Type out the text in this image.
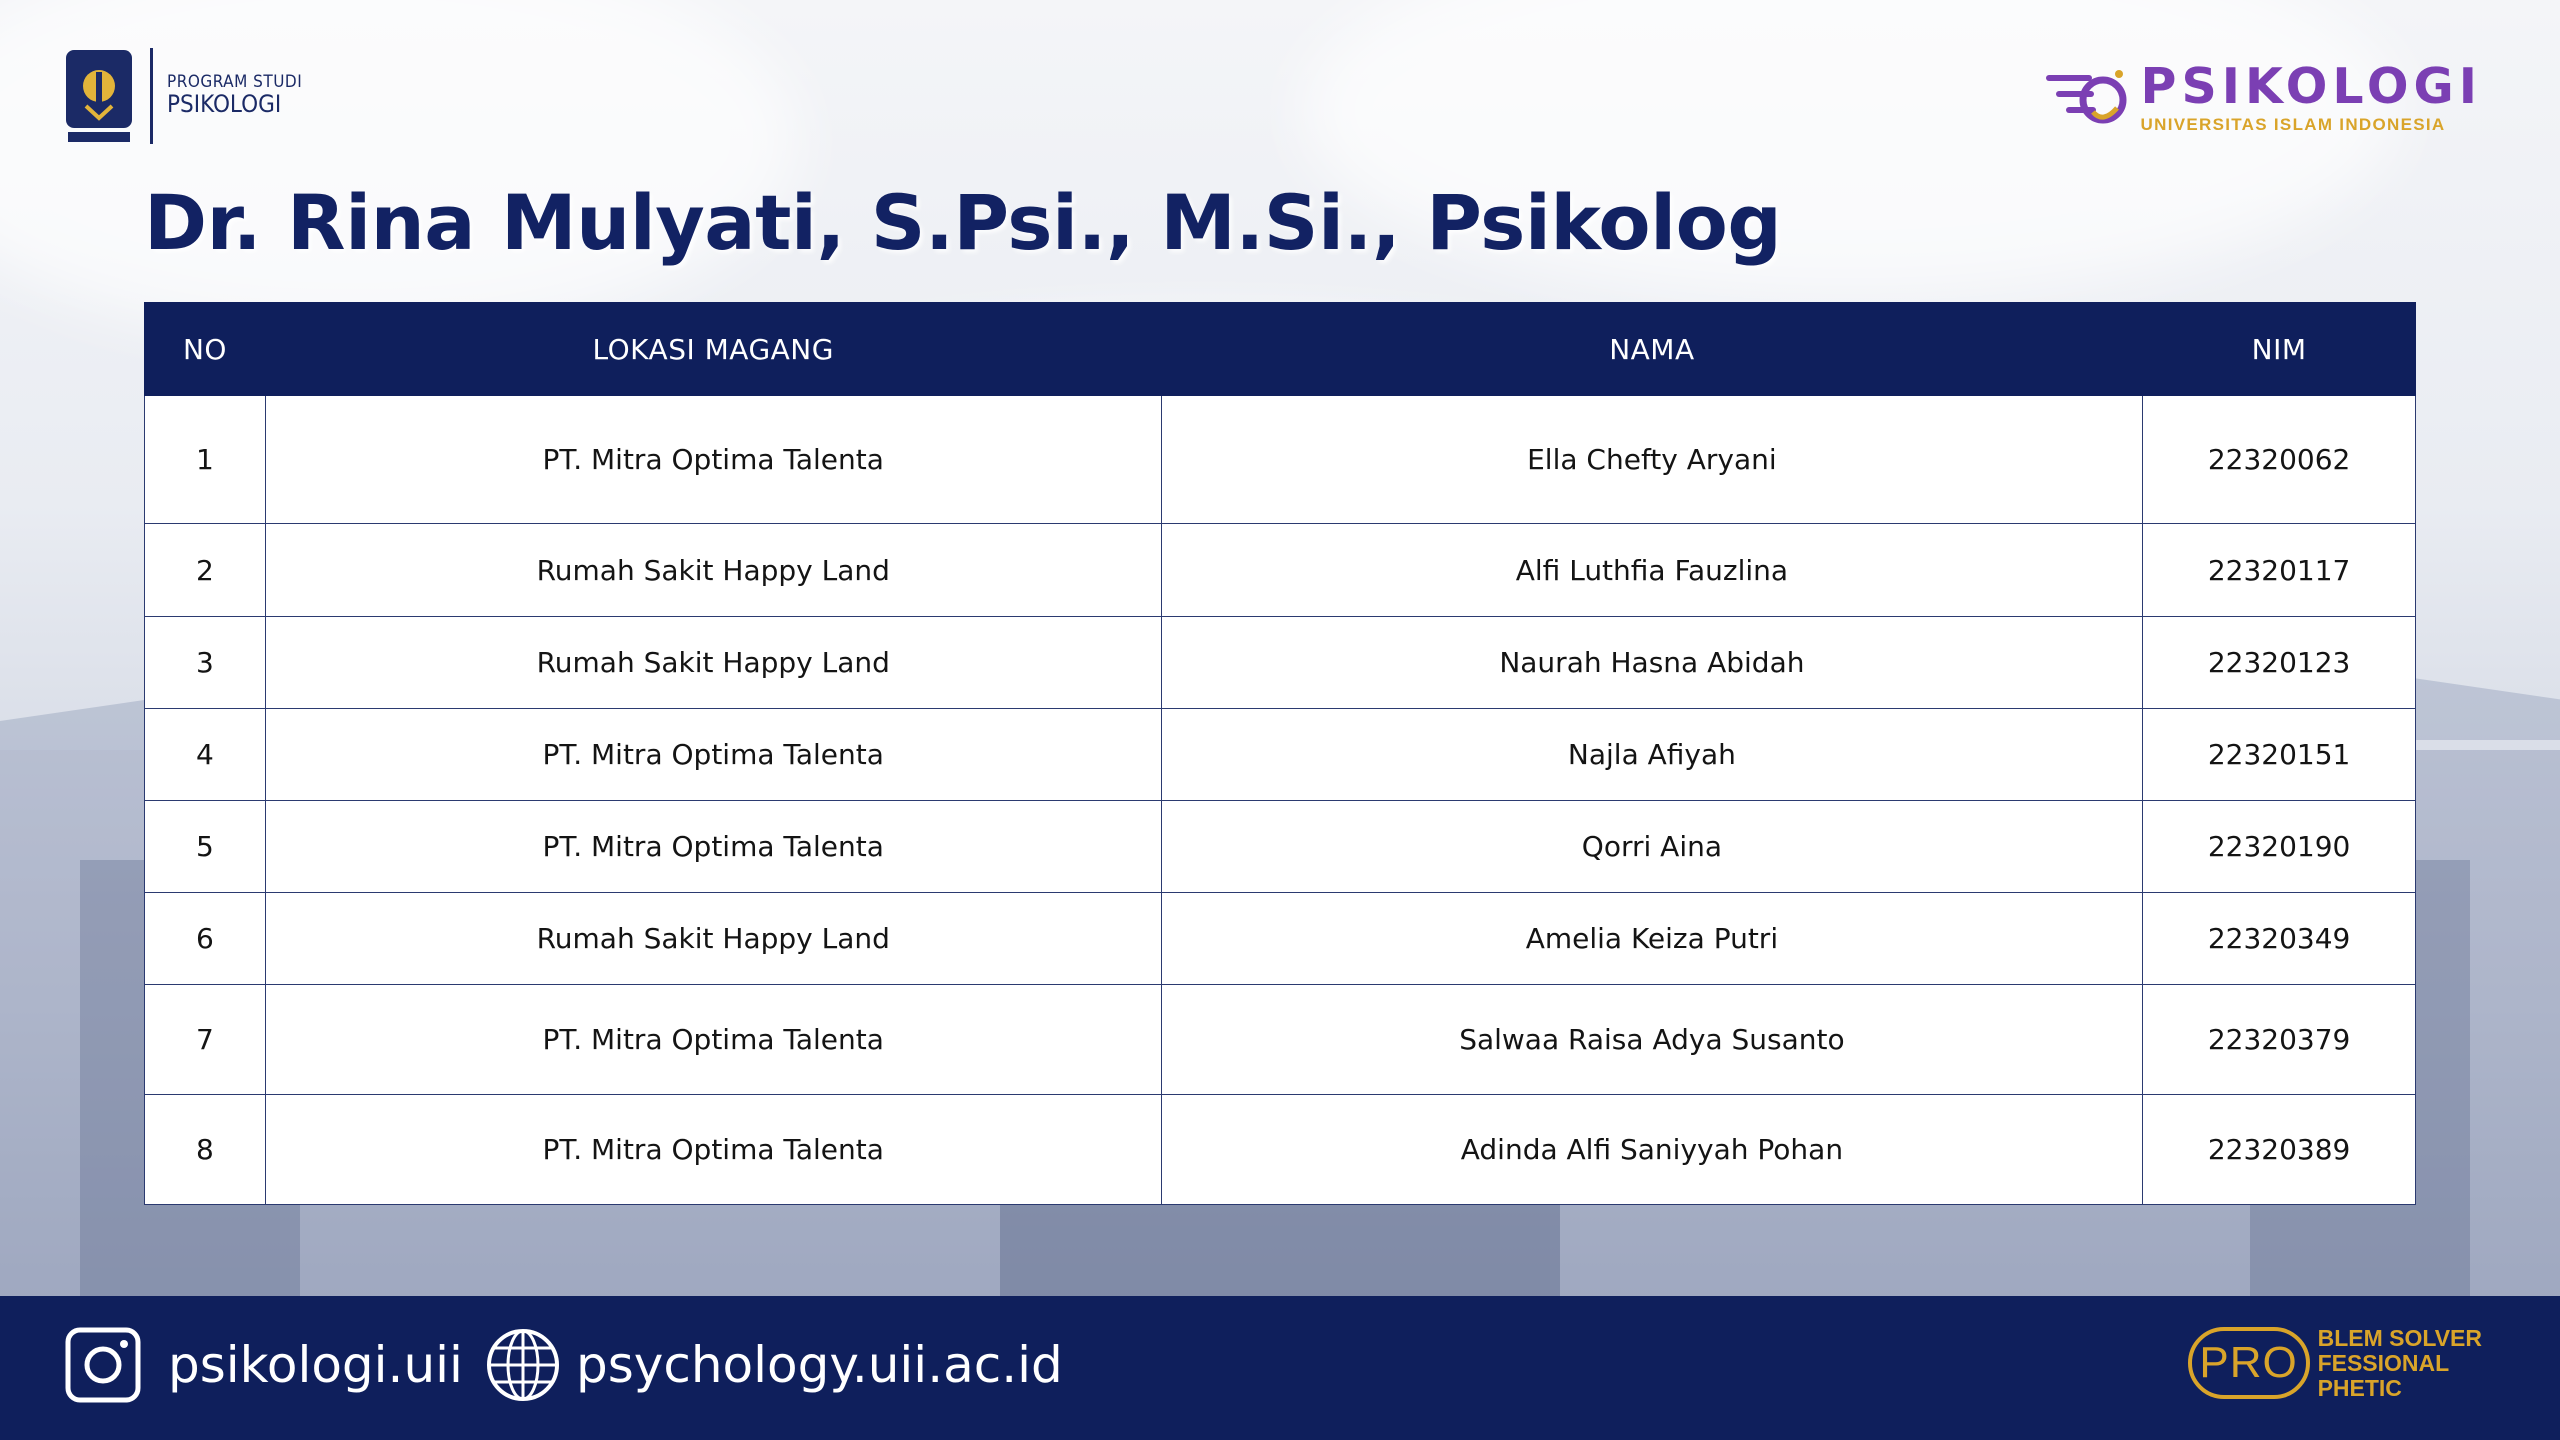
PROGRAM STUDI
PSIKOLOGI	PSIKOLOGI
UNIVERSITAS ISLAM INDONESIA
Dr. Rina Mulyati, S.Psi., M.Si., Psikolog
NO	LOKASI MAGANG	NAMA	NIM
1	PT. Mitra Optima Talenta	Ella Chefty Aryani	22320062
2	Rumah Sakit Happy Land	Alfi Luthfia Fauzlina	22320117
3	Rumah Sakit Happy Land	Naurah Hasna Abidah	22320123
4	PT. Mitra Optima Talenta	Najla Afiyah	22320151
5	PT. Mitra Optima Talenta	Qorri Aina	22320190
6	Rumah Sakit Happy Land	Amelia Keiza Putri	22320349
7	PT. Mitra Optima Talenta	Salwaa Raisa Adya Susanto	22320379
8	PT. Mitra Optima Talenta	Adinda Alfi Saniyyah Pohan	22320389
psikologi.uii psychology.uii.ac.id	PRO
BLEM SOLVER
FESSIONAL
PHETIC
